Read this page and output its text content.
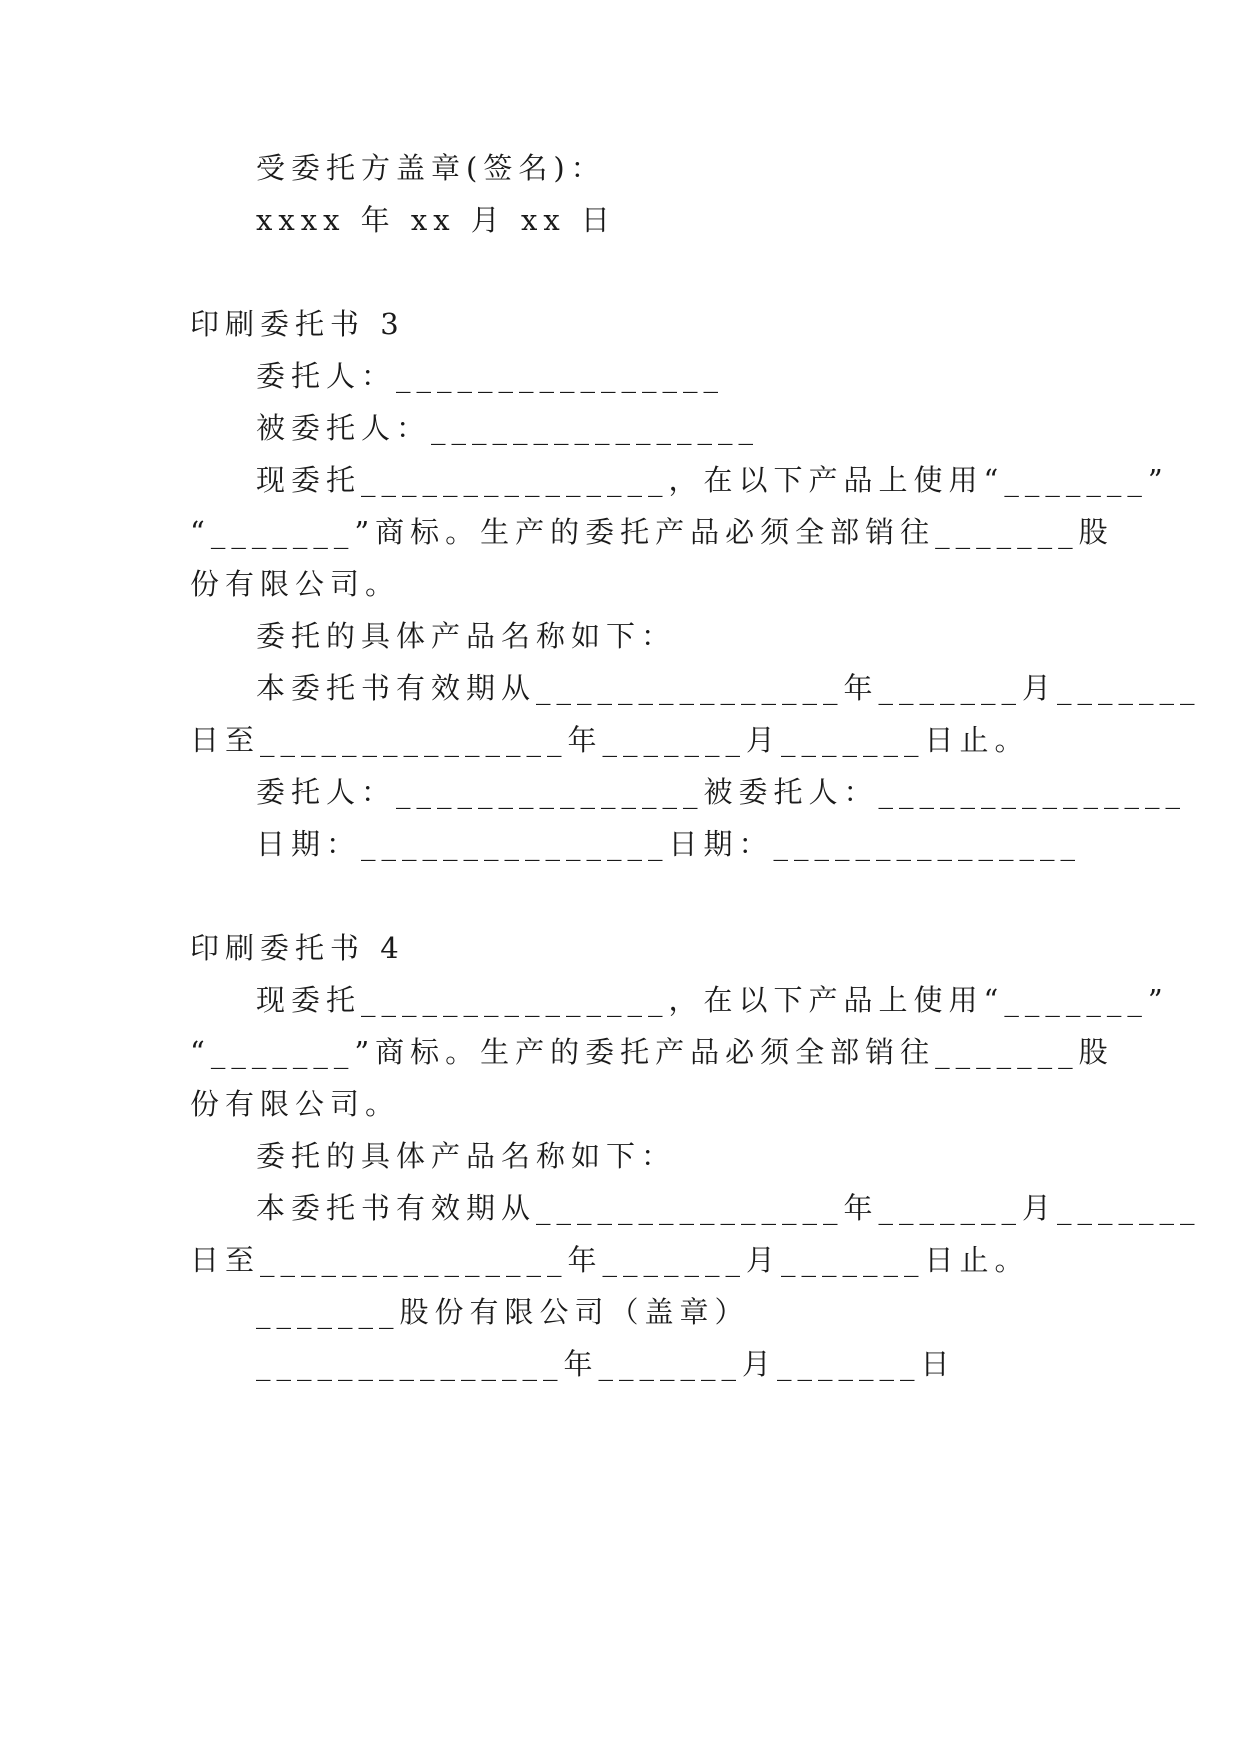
受委托方盖章(签名)：
xxxx 年 xx 月 xx 日
印刷委托书 3
委托人：________________
被委托人：________________
现委托_______________，在以下产品上使用“_______”
“_______”商标。生产的委托产品必须全部销往_______股
份有限公司。
委托的具体产品名称如下：
本委托书有效期从_______________年_______月_______
日至_______________年_______月_______日止。
委托人：_______________被委托人：_______________
日期：_______________日期：_______________
印刷委托书 4
现委托_______________，在以下产品上使用“_______”
“_______”商标。生产的委托产品必须全部销往_______股
份有限公司。
委托的具体产品名称如下：
本委托书有效期从_______________年_______月_______
日至_______________年_______月_______日止。
_______股份有限公司（盖章）
_______________年_______月_______日
